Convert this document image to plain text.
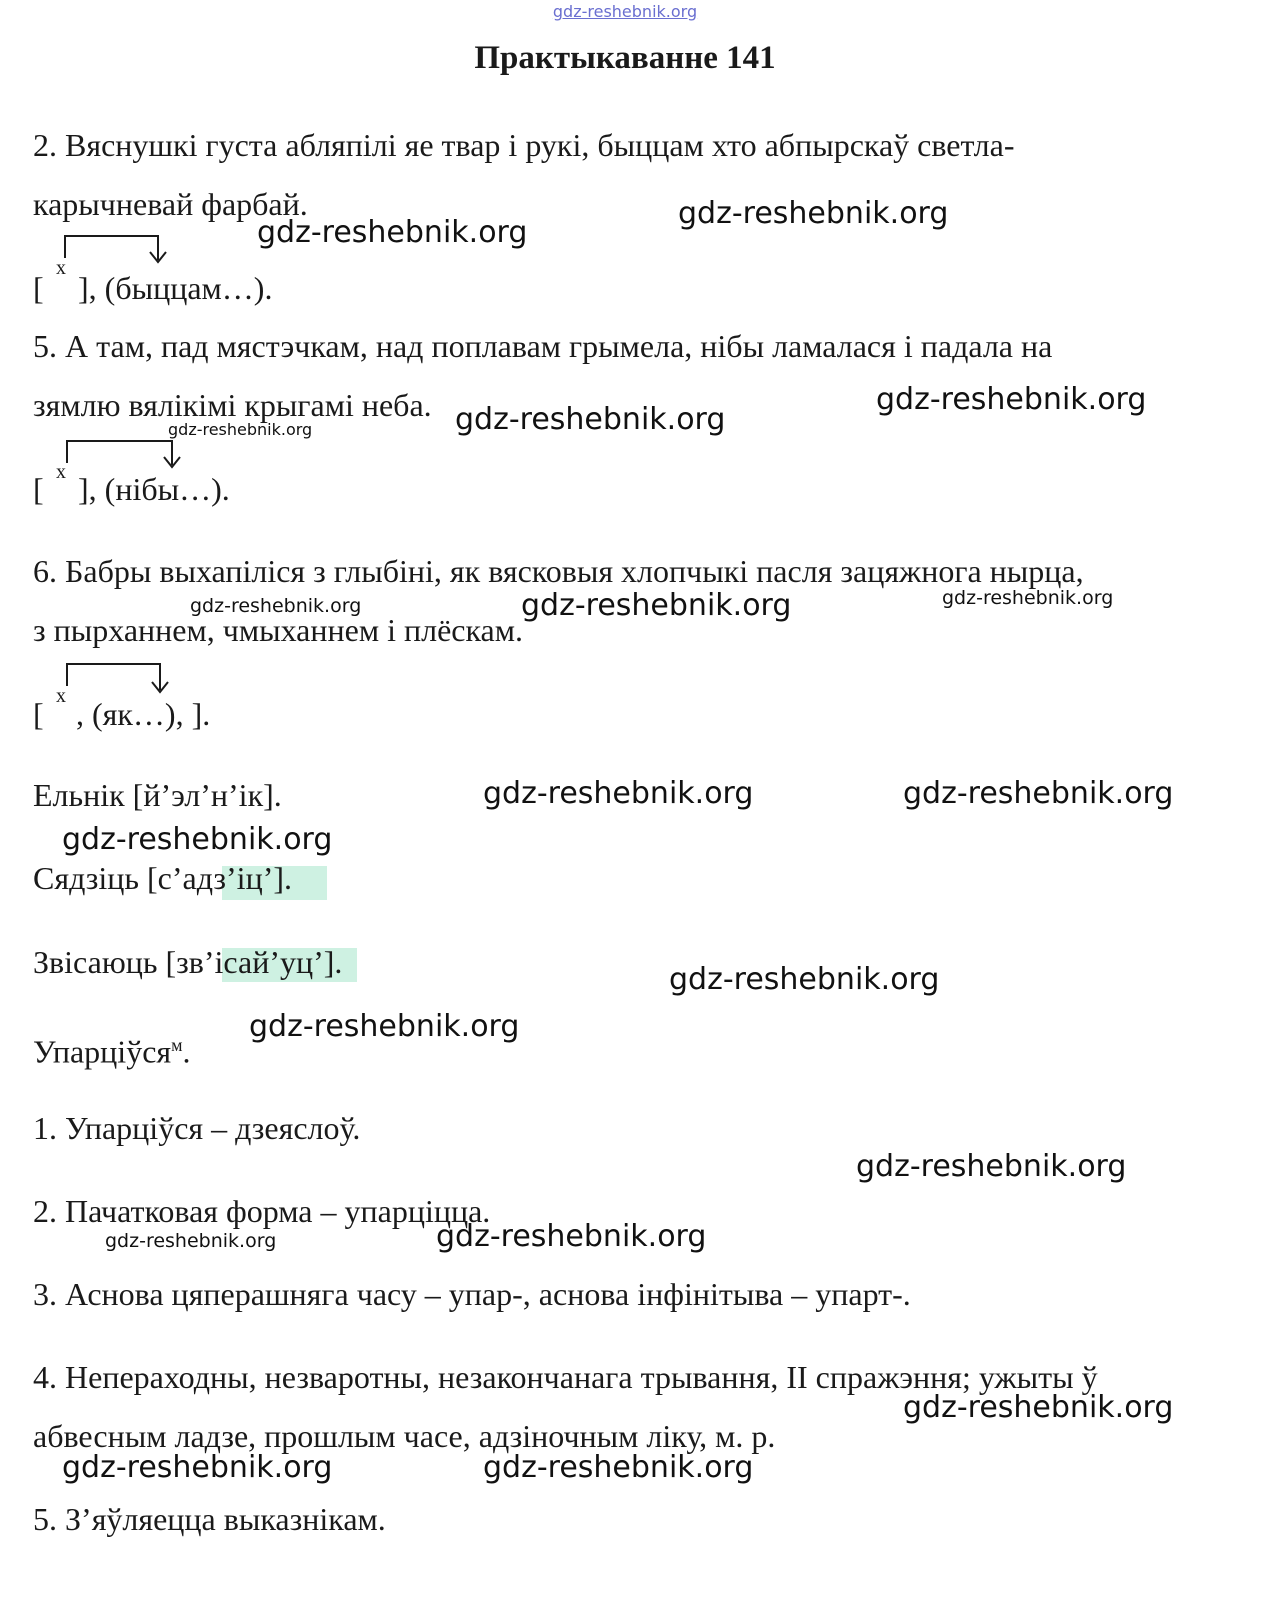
gdz-reshebnik.org
Практыкаванне 141
2. Вяснушкі густа абляпілі яе твар і рукі, быццам хто абпырскаў светла-
карычневай фарбай.
[
х
], (быццам…).
5. А там, пад мястэчкам, над поплавам грымела, нібы ламалася і падала на
зямлю вялікімі крыгамі неба.
[ х ], (нібы…).
6. Бабры выхапіліся з глыбіні, як вясковыя хлопчыкі пасля зацяжнога нырца,
з пырханнем, чмыханнем і плёскам.
[ х , (як…), ].
Ельнік [й’эл’н’ік].
Сядзіць [с’адз’іц’].
Звісаюць [зв’ісай’уц’].
Упарціўся$^м$.
1. Упарціўся – дзеяслоў.
2. Пачатковая форма – упарціцца.
3. Аснова цяперашняга часу – упар-, аснова інфінітыва – упарт-.
4. Непераходны, незваротны, незакончанага трывання, II спражэння; ужыты ў
абвесным ладзе, прошлым часе, адзіночным ліку, м. р.
5. З’яўляецца выказнікам.
gdz-reshebnik.org
gdz-reshebnik.org
gdz-reshebnik.org
gdz-reshebnik.org
gdz-reshebnik.org
gdz-reshebnik.org	gdz-reshebnik.org
gdz-reshebnik.org
gdz-reshebnik.org
gdz-reshebnik.org
gdz-reshebnik.org
gdz-reshebnik.org
gdz-reshebnik.org
gdz-reshebnik.org	gdz-reshebnik.org
gdz-reshebnik.org
gdz-reshebnik.org	gdz-reshebnik.org
gdz-reshebnik.org
